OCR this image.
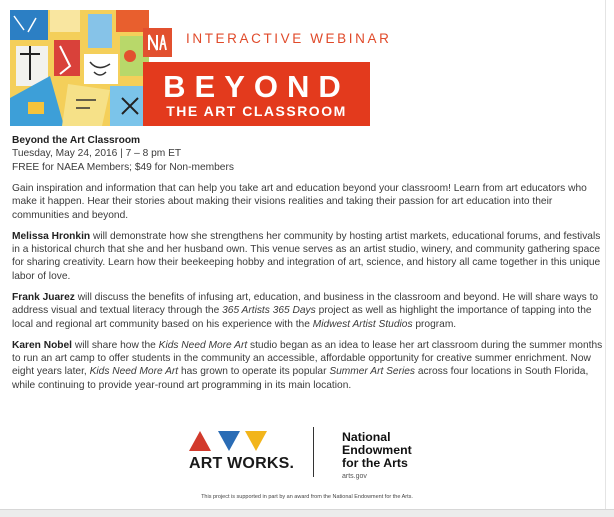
INTERACTIVE WEBINAR
BEYOND
THE ART CLASSROOM

Beyond the Art Classroom
Tuesday, May 24, 2016 | 7 – 8 pm ET
FREE for NAEA Members; $49 for Non-members

Gain inspiration and information that can help you take art and education beyond your classroom! Learn from art educators who make it happen. Hear their stories about making their visions realities and taking their passion for art education into their communities and beyond.

Melissa Hronkin will demonstrate how she strengthens her community by hosting artist markets, educational forums, and festivals in a historical church that she and her husband own. This venue serves as an artist studio, winery, and community gathering space for sharing creativity. Learn how their beekeeping hobby and integration of art, science, and history all came together in this unique labor of love.

Frank Juarez will discuss the benefits of infusing art, education, and business in the classroom and beyond. He will share ways to address visual and textual literacy through the 365 Artists 365 Days project as well as highlight the importance of tapping into the local and regional art community based on his experience with the Midwest Artist Studios program.

Karen Nobel will share how the Kids Need More Art studio began as an idea to lease her art classroom during the summer months to run an art camp to offer students in the community an accessible, affordable opportunity for creative summer enrichment. Now eight years later, Kids Need More Art has grown to operate its popular Summer Art Series across four locations in South Florida, while continuing to provide year-round art programming in its main location.

ART WORKS.
National
Endowment
for the Arts
arts.gov
This project is supported in part by an award from the National Endowment for the Arts.
